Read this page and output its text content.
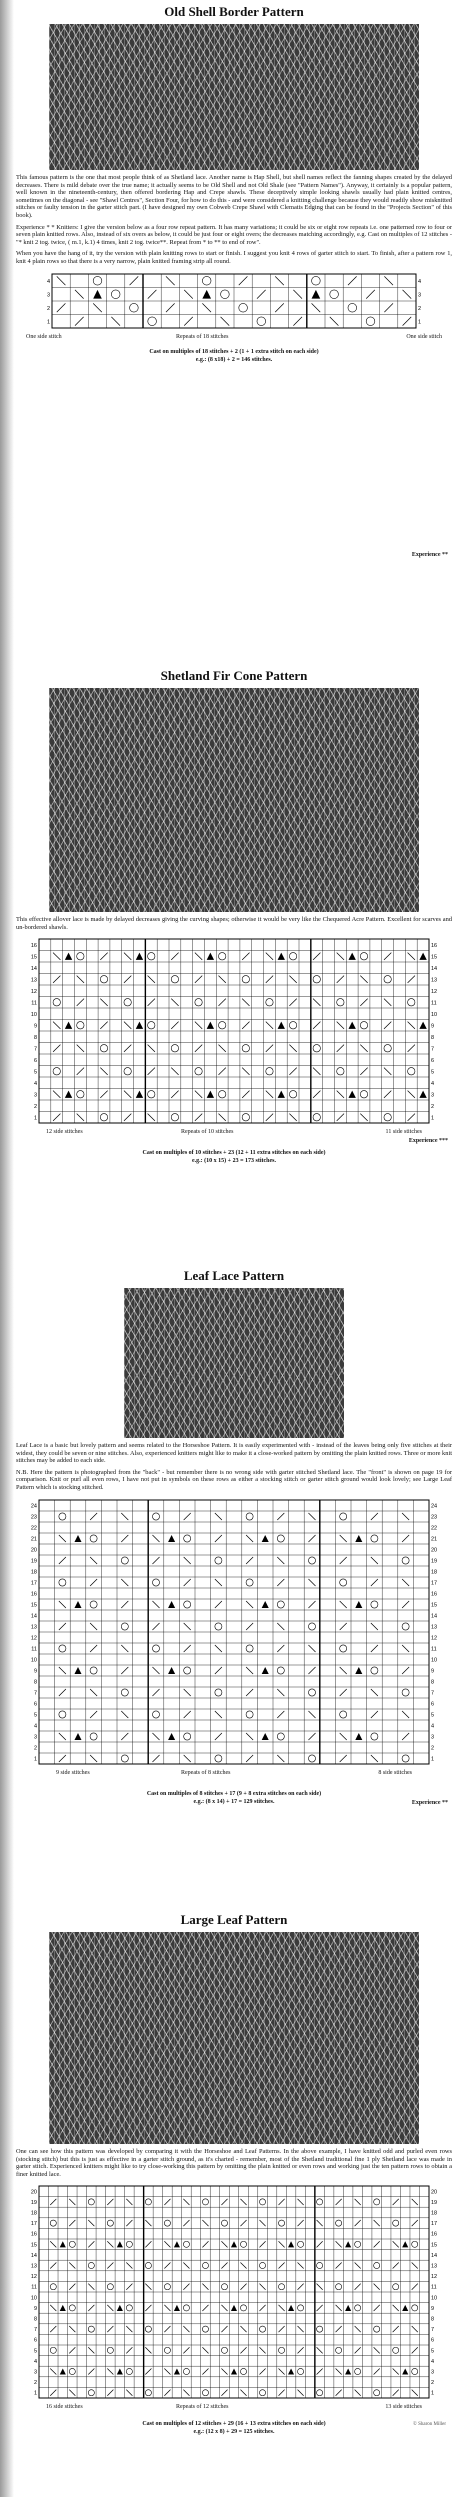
Old Shell Border Pattern
This famous pattern is the one that most people think of as Shetland lace. Another name is Hap Shell, but shell names reflect the fanning shapes created by the delayed decreases. There is mild debate over the true name; it actually seems to be Old Shell and not Old Shale (see "Pattern Names"). Anyway, it certainly is a popular pattern, well known in the nineteenth-century, then offered bordering Hap and Crepe shawls. These deceptively simple looking shawls usually had plain knitted centres, sometimes on the diagonal - see "Shawl Centres", Section Four, for how to do this - and were considered a knitting challenge because they would readily show misknitted stitches or faulty tension in the garter stitch part. (I have designed my own Cobweb Crepe Shawl with Clematis Edging that can be found in the "Projects Section" of this book).
Experience * * Knitters: I give the version below as a four row repeat pattern. It has many variations; it could be six or eight row repeats i.e. one patterned row to four or seven plain knitted rows. Also, instead of six overs as below, it could be just four or eight overs; the decreases matching accordingly, e.g. Cast on multiples of 12 stitches - "* knit 2 tog. twice, ( m.1, k.1) 4 times, knit 2 tog. twice**. Repeat from * to ** to end of row".
When you have the hang of it, try the version with plain knitting rows to start or finish. I suggest you knit 4 rows of garter stitch to start. To finish, after a pattern row 1, knit 4 plain rows so that there is a very narrow, plain knitted framing strip all round.
4	4
3	3
2	2
1	1
One side stitch	Repeats of 18 stitches	One side stitch
Cast on multiples of 18 stitches + 2 (1 + 1 extra stitch on each side)
e.g.: (8 x18) + 2 = 146 stitches.
Experience **
Shetland Fir Cone Pattern
This effective allover lace is made by delayed decreases giving the curving shapes; otherwise it would be very like the Chequered Acre Pattern. Excellent for scarves and un-bordered shawls.
16	16
15	15
14	14
13	13
12	12
11	11
10	10
9	9
8	8
7	7
6	6
5	5
4	4
3	3
2	2
1	1
12 side stitches	Repeats of 10 stitches	11 side stitches
Cast on multiples of 10 stitches + 23 (12 + 11 extra stitches on each side)
e.g.: (10 x 15) + 23 = 173 stitches.
Experience ***
Leaf Lace Pattern
Leaf Lace is a basic but lovely pattern and seems related to the Horseshoe Pattern. It is easily experimented with - instead of the leaves being only five stitches at their widest, they could be seven or nine stitches. Also, experienced knitters might like to make it a close-worked pattern by omitting the plain knitted rows. Three or more knit stitches may be added to each side.
N.B. Here the pattern is photographed from the "back" - but remember there is no wrong side with garter stitched Shetland lace. The "front" is shown on page 19 for comparison. Knit or purl all even rows, I have not put in symbols on these rows as either a stocking stitch or garter stitch ground would look lovely; see Large Leaf Pattern which is stocking stitched.
24	24
23	23
22	22
21	21
20	20
19	19
18	18
17	17
16	16
15	15
14	14
13	13
12	12
11	11
10	10
9	9
8	8
7	7
6	6
5	5
4	4
3	3
2	2
1	1
9 side stitches	Repeats of 8 stitches	8 side stitches
Cast on multiples of 8 stitches + 17 (9 + 8 extra stitches on each side)
e.g.: (8 x 14) + 17 = 129 stitches.	Experience **
Large Leaf Pattern
One can see how this pattern was developed by comparing it with the Horseshoe and Leaf Patterns. In the above example, I have knitted odd and purled even rows (stocking stitch) but this is just as effective in a garter stitch ground, as it's charted - remember, most of the Shetland traditional fine 1 ply Shetland lace was made in garter stitch. Experienced knitters might like to try close-working this pattern by omitting the plain knitted or even rows and working just the ten pattern rows to obtain a finer knitted lace.
20	20
19	19
18	18
17	17
16	16
15	15
14	14
13	13
12	12
11	11
10	10
9	9
8	8
7	7
6	6
5	5
4	4
3	3
2	2
1	1
16 side stitches	Repeats of 12 stitches	13 side stitches
Cast on multiples of 12 stitches + 29 (16 + 13 extra stitches on each side)
e.g.: (12 x 8) + 29 = 125 stitches.
© Sharon Miller
